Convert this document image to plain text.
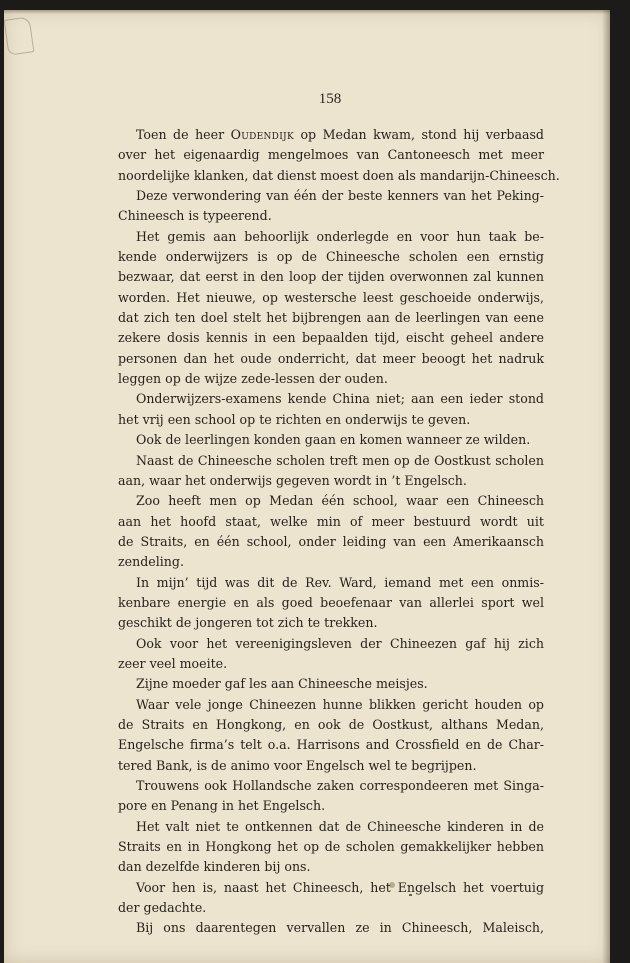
158
Toen de heer Oudendijk op Medan kwam, stond hij verbaasd
over het eigenaardig mengelmoes van Cantoneesch met meer
noordelijke klanken, dat dienst moest doen als mandarijn-Chineesch.
Deze verwondering van één der beste kenners van het Peking-
Chineesch is typeerend.
Het gemis aan behoorlijk onderlegde en voor hun taak be-
kende onderwijzers is op de Chineesche scholen een ernstig
bezwaar, dat eerst in den loop der tijden overwonnen zal kunnen
worden. Het nieuwe, op westersche leest geschoeide onderwijs,
dat zich ten doel stelt het bijbrengen aan de leerlingen van eene
zekere dosis kennis in een bepaalden tijd, eischt geheel andere
personen dan het oude onderricht, dat meer beoogt het nadruk
leggen op de wijze zede-lessen der ouden.
Onderwijzers-examens kende China niet; aan een ieder stond
het vrij een school op te richten en onderwijs te geven.
Ook de leerlingen konden gaan en komen wanneer ze wilden.
Naast de Chineesche scholen treft men op de Oostkust scholen
aan, waar het onderwijs gegeven wordt in ’t Engelsch.
Zoo heeft men op Medan één school, waar een Chineesch
aan het hoofd staat, welke min of meer bestuurd wordt uit
de Straits, en één school, onder leiding van een Amerikaansch
zendeling.
In mijn’ tijd was dit de Rev. Ward, iemand met een onmis-
kenbare energie en als goed beoefenaar van allerlei sport wel
geschikt de jongeren tot zich te trekken.
Ook voor het vereenigingsleven der Chineezen gaf hij zich
zeer veel moeite.
Zijne moeder gaf les aan Chineesche meisjes.
Waar vele jonge Chineezen hunne blikken gericht houden op
de Straits en Hongkong, en ook de Oostkust, althans Medan,
Engelsche firma’s telt o.a. Harrisons and Crossfield en de Char-
tered Bank, is de animo voor Engelsch wel te begrijpen.
Trouwens ook Hollandsche zaken correspondeeren met Singa-
pore en Penang in het Engelsch.
Het valt niet te ontkennen dat de Chineesche kinderen in de
Straits en in Hongkong het op de scholen gemakkelijker hebben
dan dezelfde kinderen bij ons.
Voor hen is, naast het Chineesch, het Engelsch het voertuig
der gedachte.
Bij ons daarentegen vervallen ze in Chineesch, Maleisch,
